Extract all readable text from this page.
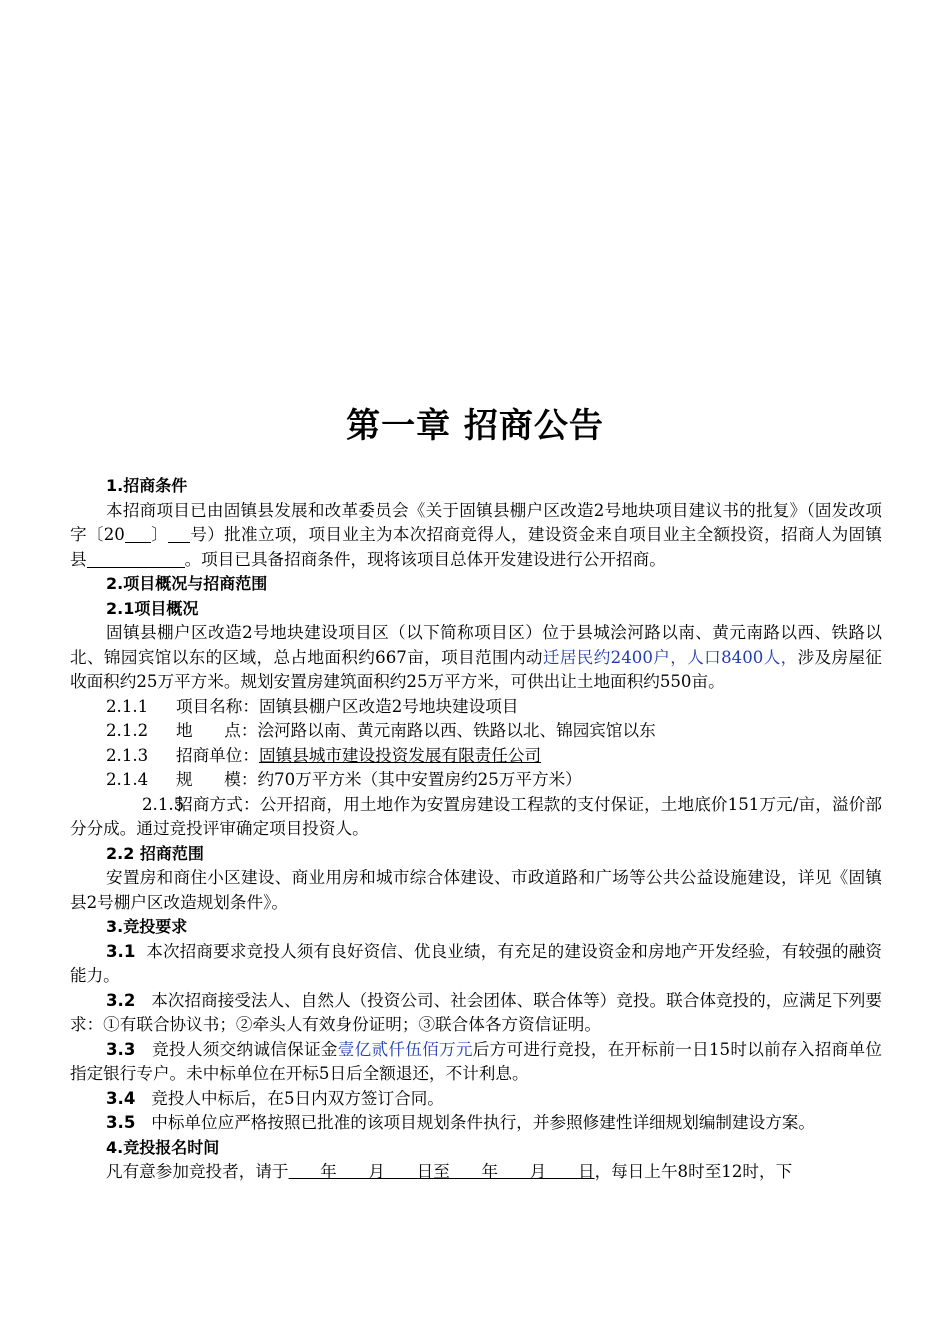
第一章 招商公告

1.招商条件

本招商项目已由固镇县发展和改革委员会《关于固镇县棚户区改造2号地块项目建议书的批复》（固发改项字〔20 〕 号）批准立项，项目业主为本次招商竞得人，建设资金来自项目业主全额投资，招商人为固镇县	。项目已具备招商条件，现将该项目总体开发建设进行公开招商。

2.项目概况与招商范围

2.1项目概况

固镇县棚户区改造2号地块建设项目区（以下简称项目区）位于县城浍河路以南、黄元南路以西、铁路以北、锦园宾馆以东的区域，总占地面积约667亩，项目范围内动迁居民约2400户，人口8400人，涉及房屋征收面积约25万平方米。规划安置房建筑面积约25万平方米，可供出让土地面积约550亩。

2.1.1 项目名称：固镇县棚户区改造2号地块建设项目

2.1.2 地      点：浍河路以南、黄元南路以西、铁路以北、锦园宾馆以东

2.1.3 招商单位：固镇县城市建设投资发展有限责任公司

2.1.4 规      模：约70万平方米（其中安置房约25万平方米）

2.1.5招商方式：公开招商，用土地作为安置房建设工程款的支付保证，土地底价151万元/亩，溢价部分分成。通过竞投评审确定项目投资人。

2.2 招商范围

安置房和商住小区建设、商业用房和城市综合体建设、市政道路和广场等公共公益设施建设，详见《固镇县2号棚户区改造规划条件》。

3.竞投要求

3.1 本次招商要求竞投人须有良好资信、优良业绩，有充足的建设资金和房地产开发经验，有较强的融资能力。

3.2 本次招商接受法人、自然人（投资公司、社会团体、联合体等）竞投。联合体竞投的，应满足下列要求：①有联合协议书；②牵头人有效身份证明；③联合体各方资信证明。

3.3 竞投人须交纳诚信保证金壹亿贰仟伍佰万元后方可进行竞投，在开标前一日15时以前存入招商单位指定银行专户。未中标单位在开标5日后全额退还，不计利息。

3.4 竞投人中标后，在5日内双方签订合同。

3.5 中标单位应严格按照已批准的该项目规划条件执行，并参照修建性详细规划编制建设方案。

4.竞投报名时间

凡有意参加竞投者，请于      年      月      日至      年      月      日，每日上午8时至12时，下
